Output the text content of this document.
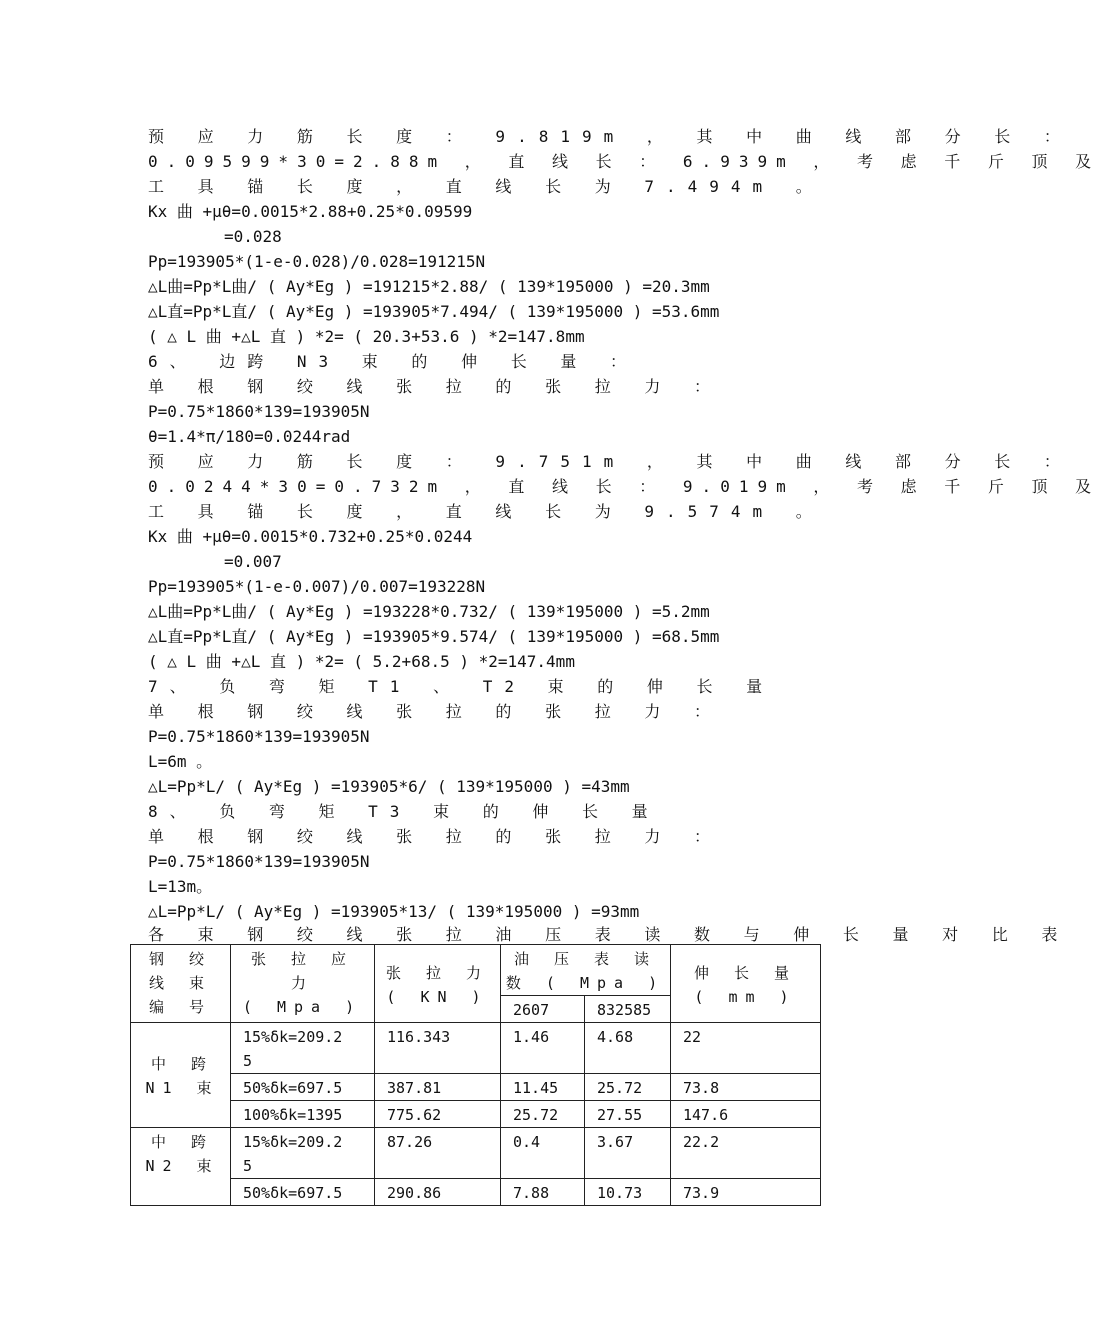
预 应 力 筋 长 度 ： 9.819m ， 其 中 曲 线 部 分 长 ：
0.09599*30=2.88m ， 直 线 长 ： 6.939m ， 考 虑 千 斤 顶 及
工 具 锚 长 度 ， 直 线 长 为 7.494m 。
Kx 曲 +μθ=0.0015*2.88+0.25*0.09599
=0.028
Pp=193905*(1-e-0.028)/0.028=191215N
△L曲=Pp*L曲/ ( Ay*Eg ) =191215*2.88/ ( 139*195000 ) =20.3mm
△L直=Pp*L直/ ( Ay*Eg ) =193905*7.494/ ( 139*195000 ) =53.6mm
( △ L 曲 +△L 直 ) *2= ( 20.3+53.6 ) *2=147.8mm
6、 边跨 N3 束 的 伸 长 量 ：
单 根 钢 绞 线 张 拉 的 张 拉 力 ：
P=0.75*1860*139=193905N
θ=1.4*π/180=0.0244rad
预 应 力 筋 长 度 ： 9.751m ， 其 中 曲 线 部 分 长 ：
0.0244*30=0.732m ， 直 线 长 ： 9.019m ， 考 虑 千 斤 顶 及
工 具 锚 长 度 ， 直 线 长 为 9.574m 。
Kx 曲 +μθ=0.0015*0.732+0.25*0.0244
=0.007
Pp=193905*(1-e-0.007)/0.007=193228N
△L曲=Pp*L曲/ ( Ay*Eg ) =193228*0.732/ ( 139*195000 ) =5.2mm
△L直=Pp*L直/ ( Ay*Eg ) =193905*9.574/ ( 139*195000 ) =68.5mm
( △ L 曲 +△L 直 ) *2= ( 5.2+68.5 ) *2=147.4mm
7、 负 弯 矩 T1 、 T2 束 的 伸 长 量
单 根 钢 绞 线 张 拉 的 张 拉 力 ：
P=0.75*1860*139=193905N
L=6m 。
△L=Pp*L/ ( Ay*Eg ) =193905*6/ ( 139*195000 ) =43mm
8、 负 弯 矩 T3 束 的 伸 长 量
单 根 钢 绞 线 张 拉 的 张 拉 力 ：
P=0.75*1860*139=193905N
L=13m。
△L=Pp*L/ ( Ay*Eg ) =193905*13/ ( 139*195000 ) =93mm
各 束 钢 绞 线 张 拉 油 压 表 读 数 与 伸 长 量 对 比 表
钢 绞
线 束
编 号	张 拉 应
力
( Mpa )	张 拉 力
( KN )	油 压 表 读
数 ( Mpa )		伸 长 量
( mm )
			2607	832585	
中 跨
N1 束	15%δk=209.2
5	116.343	1.46	4.68	22
	50%δk=697.5	387.81	11.45	25.72	73.8
	100%δk=1395	775.62	25.72	27.55	147.6
中 跨
N2 束	15%δk=209.2
5	87.26	0.4	3.67	22.2
	50%δk=697.5	290.86	7.88	10.73	73.9
